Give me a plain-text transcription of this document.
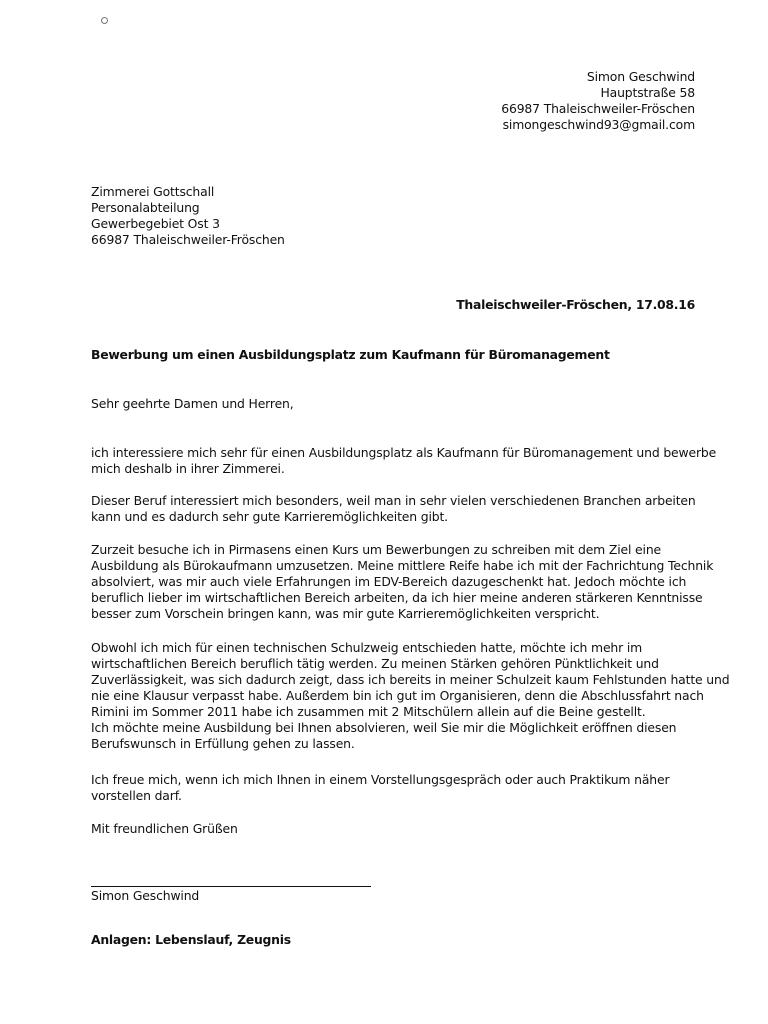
Simon Geschwind
Hauptstraße 58
66987 Thaleischweiler-Fröschen
simongeschwind93@gmail.com
Zimmerei Gottschall
Personalabteilung
Gewerbegebiet Ost 3
66987 Thaleischweiler-Fröschen
Thaleischweiler-Fröschen, 17.08.16
Bewerbung um einen Ausbildungsplatz zum Kaufmann für Büromanagement
Sehr geehrte Damen und Herren,
ich interessiere mich sehr für einen Ausbildungsplatz als Kaufmann für Büromanagement und bewerbe
mich deshalb in ihrer Zimmerei.
Dieser Beruf interessiert mich besonders, weil man in sehr vielen verschiedenen Branchen arbeiten
kann und es dadurch sehr gute Karrieremöglichkeiten gibt.
Zurzeit besuche ich in Pirmasens einen Kurs um Bewerbungen zu schreiben mit dem Ziel eine
Ausbildung als Bürokaufmann umzusetzen. Meine mittlere Reife habe ich mit der Fachrichtung Technik
absolviert, was mir auch viele Erfahrungen im EDV-Bereich dazugeschenkt hat. Jedoch möchte ich
beruflich lieber im wirtschaftlichen Bereich arbeiten, da ich hier meine anderen stärkeren Kenntnisse
besser zum Vorschein bringen kann, was mir gute Karrieremöglichkeiten verspricht.
Obwohl ich mich für einen technischen Schulzweig entschieden hatte, möchte ich mehr im
wirtschaftlichen Bereich beruflich tätig werden. Zu meinen Stärken gehören Pünktlichkeit und
Zuverlässigkeit, was sich dadurch zeigt, dass ich bereits in meiner Schulzeit kaum Fehlstunden hatte und
nie eine Klausur verpasst habe. Außerdem bin ich gut im Organisieren, denn die Abschlussfahrt nach
Rimini im Sommer 2011 habe ich zusammen mit 2 Mitschülern allein auf die Beine gestellt.
Ich möchte meine Ausbildung bei Ihnen absolvieren, weil Sie mir die Möglichkeit eröffnen diesen
Berufswunsch in Erfüllung gehen zu lassen.
Ich freue mich, wenn ich mich Ihnen in einem Vorstellungsgespräch oder auch Praktikum näher
vorstellen darf.
Mit freundlichen Grüßen
Simon Geschwind
Anlagen: Lebenslauf, Zeugnis
